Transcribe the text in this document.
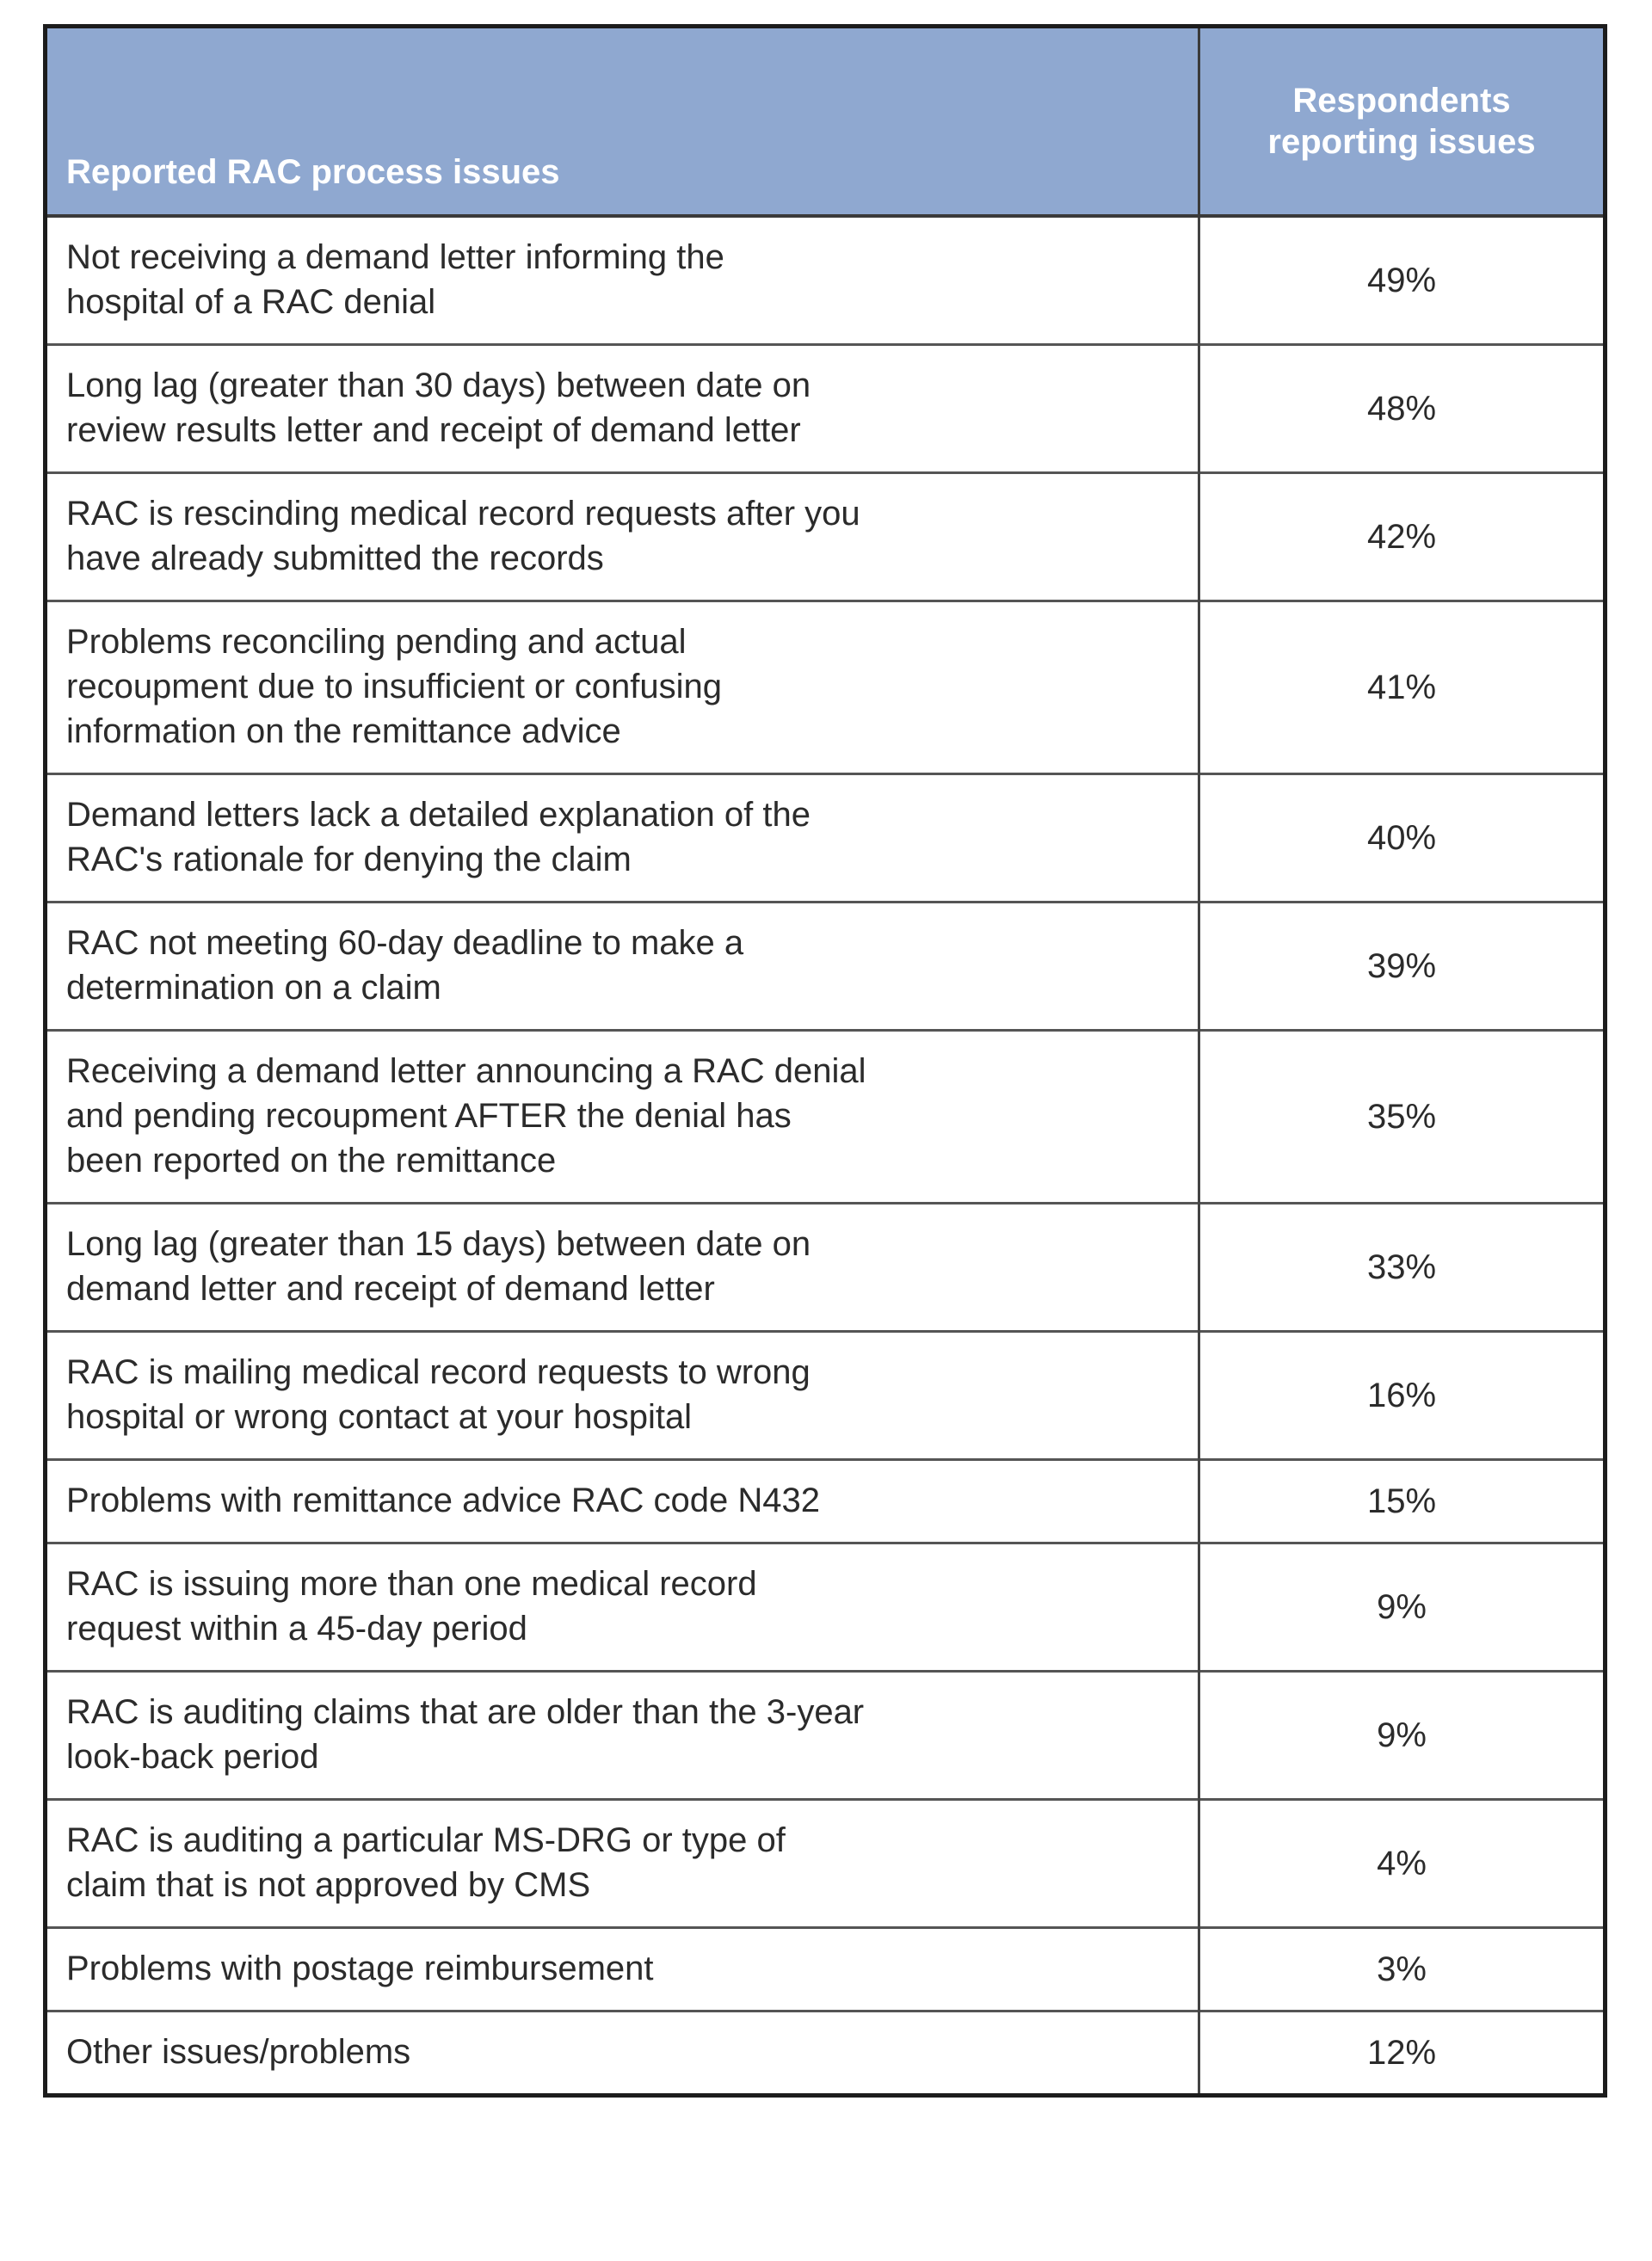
Reported RAC process issues	Respondents
reporting issues

Not receiving a demand letter informing the
hospital of a RAC denial	49%

Long lag (greater than 30 days) between date on
review results letter and receipt of demand letter	48%

RAC is rescinding medical record requests after you
have already submitted the records	42%

Problems reconciling pending and actual
recoupment due to insufficient or confusing
information on the remittance advice	41%

Demand letters lack a detailed explanation of the
RAC's rationale for denying the claim	40%

RAC not meeting 60-day deadline to make a
determination on a claim	39%

Receiving a demand letter announcing a RAC denial
and pending recoupment AFTER the denial has
been reported on the remittance	35%

Long lag (greater than 15 days) between date on
demand letter and receipt of demand letter	33%

RAC is mailing medical record requests to wrong
hospital or wrong contact at your hospital	16%

Problems with remittance advice RAC code N432	15%

RAC is issuing more than one medical record
request within a 45-day period	9%

RAC is auditing claims that are older than the 3-year
look-back period	9%

RAC is auditing a particular MS-DRG or type of
claim that is not approved by CMS	4%

Problems with postage reimbursement	3%

Other issues/problems	12%
